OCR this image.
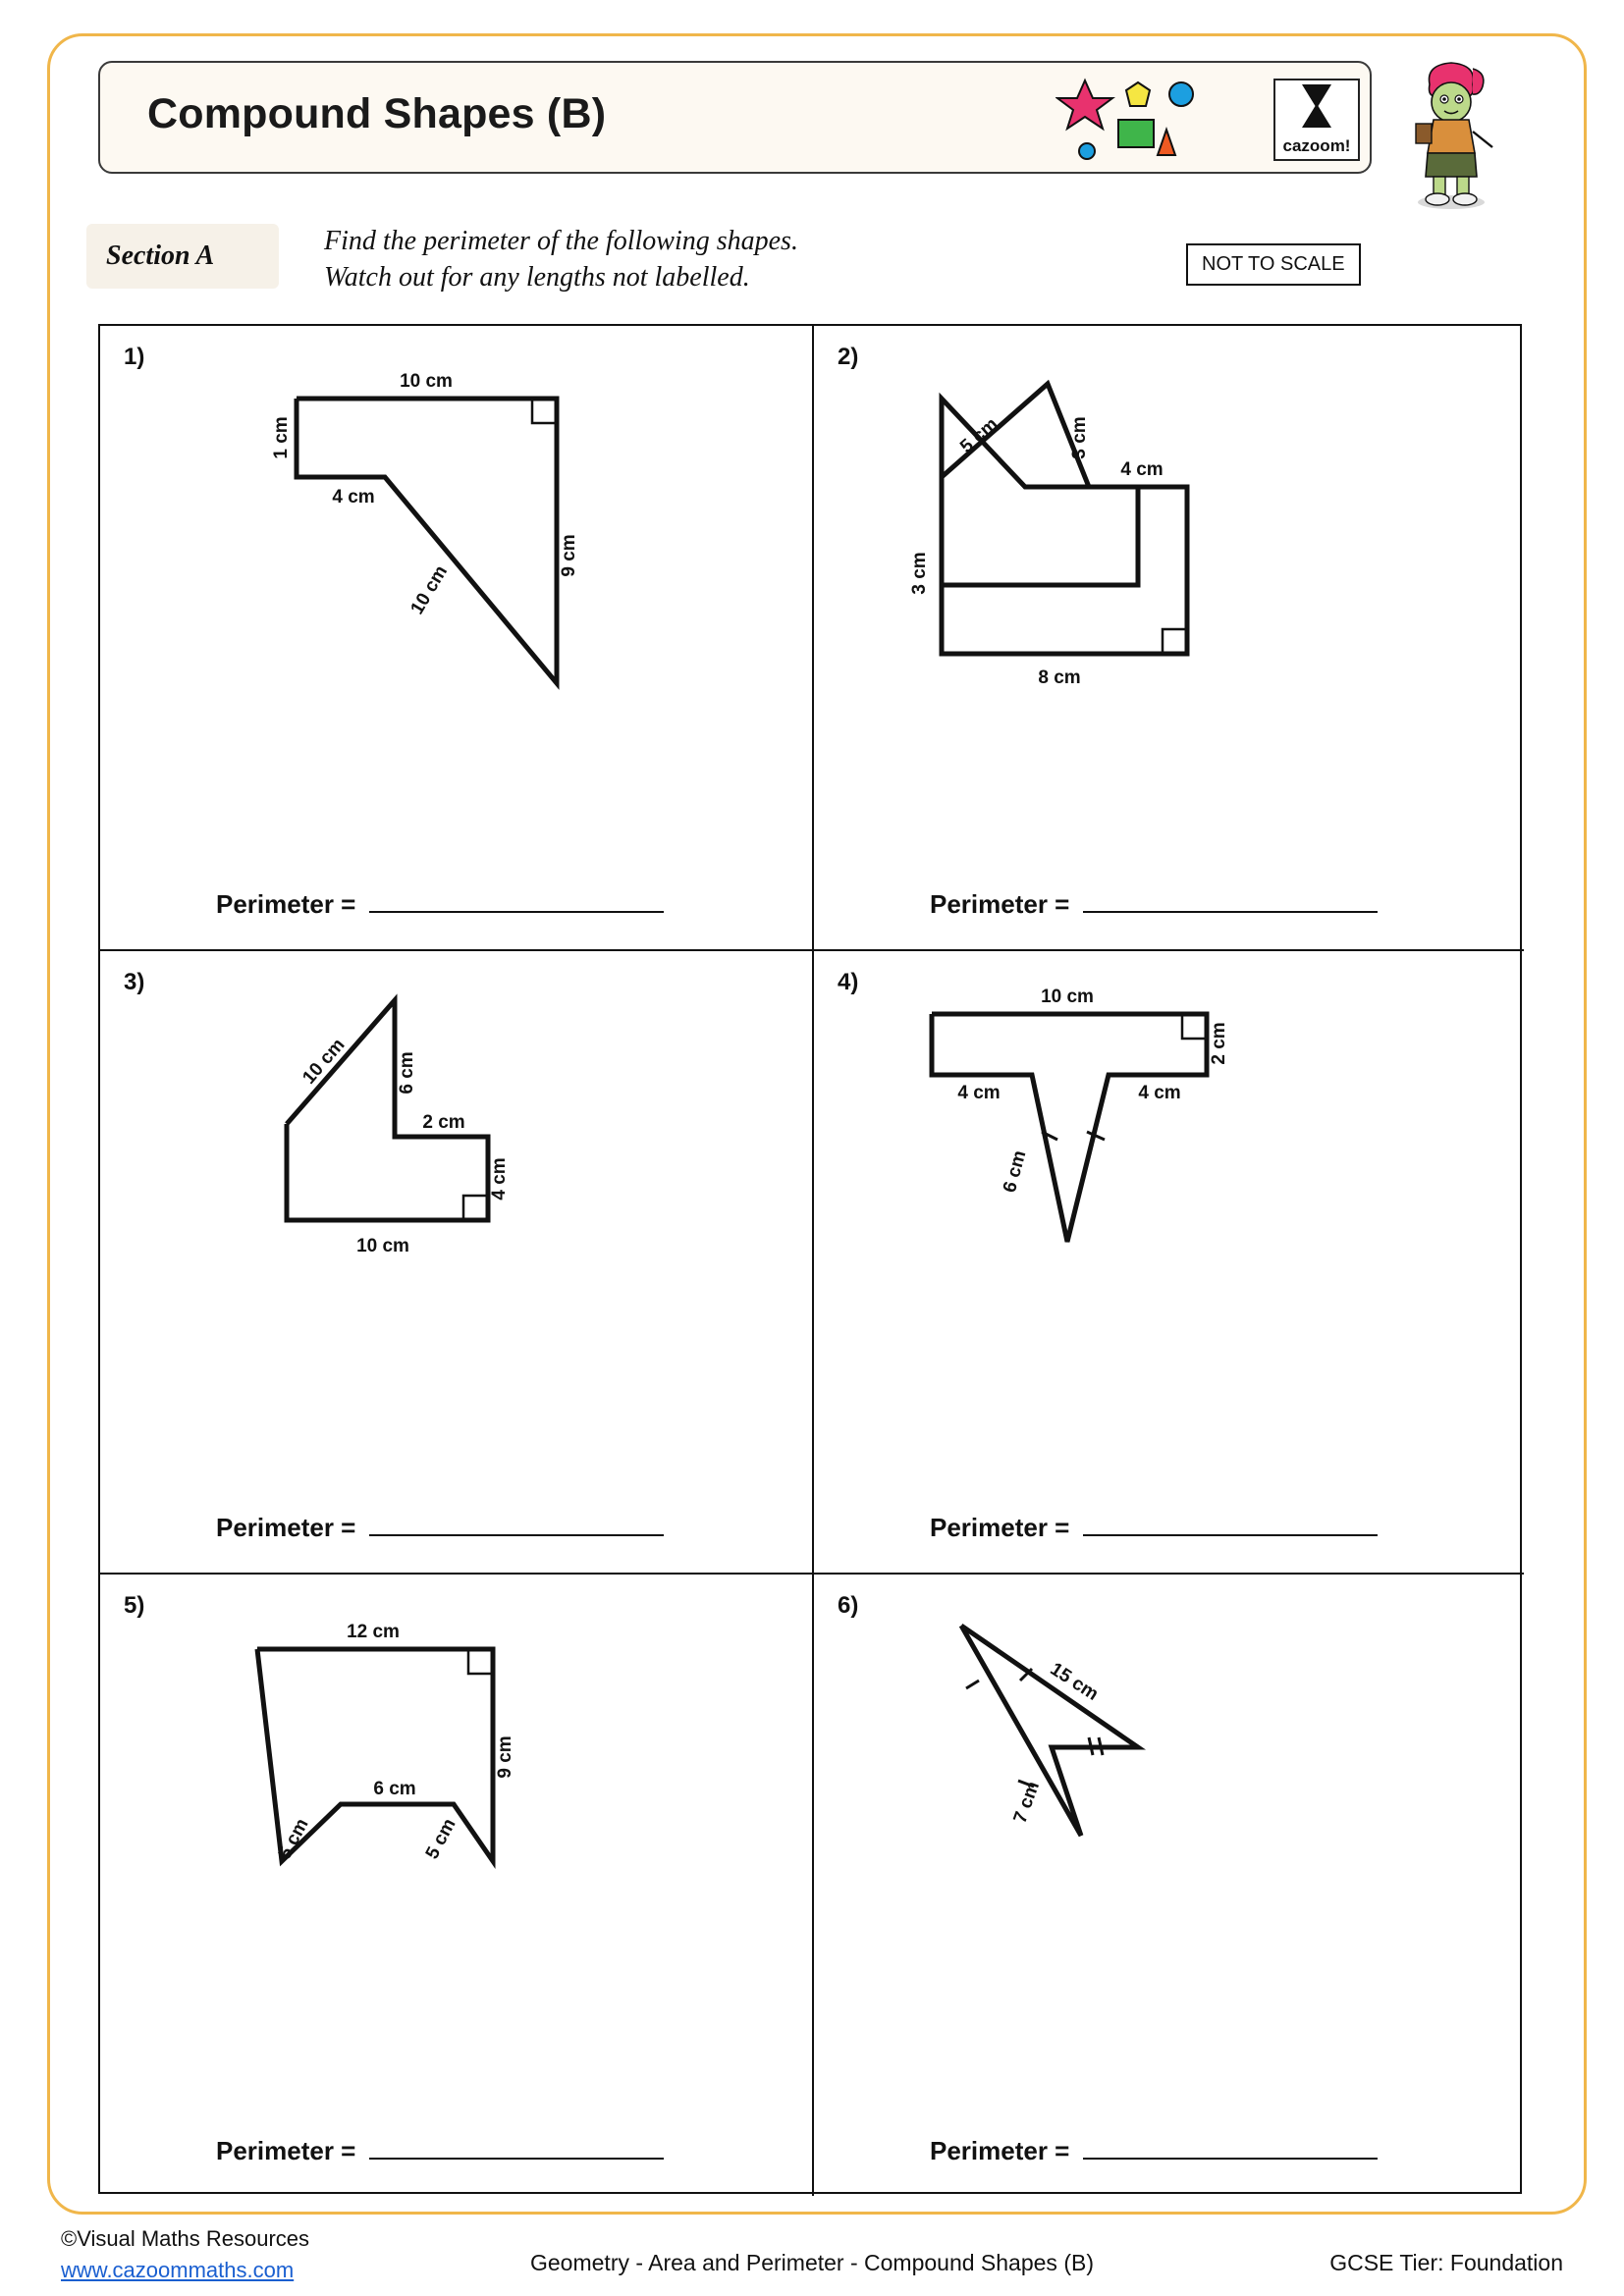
Compound Shapes (B)
cazoom!
Section A	Find the perimeter of the following shapes.
Watch out for any lengths not labelled.	NOT TO SCALE
1)
10 cm
1 cm
4 cm
9 cm
10 cm
Perimeter =
2)
5 cm	3 cm
4 cm
3 cm
8 cm
Perimeter =
3)
10 cm	6 cm
2 cm
4 cm
10 cm
Perimeter =
4)
10 cm
2 cm
4 cm	4 cm
6 cm
Perimeter =
5)
12 cm
9 cm
6 cm
5 cm	5 cm
Perimeter =
6)
15 cm
7 cm
Perimeter =
©Visual Maths Resources
www.cazoommaths.com	Geometry - Area and Perimeter - Compound Shapes (B)	GCSE Tier: Foundation
